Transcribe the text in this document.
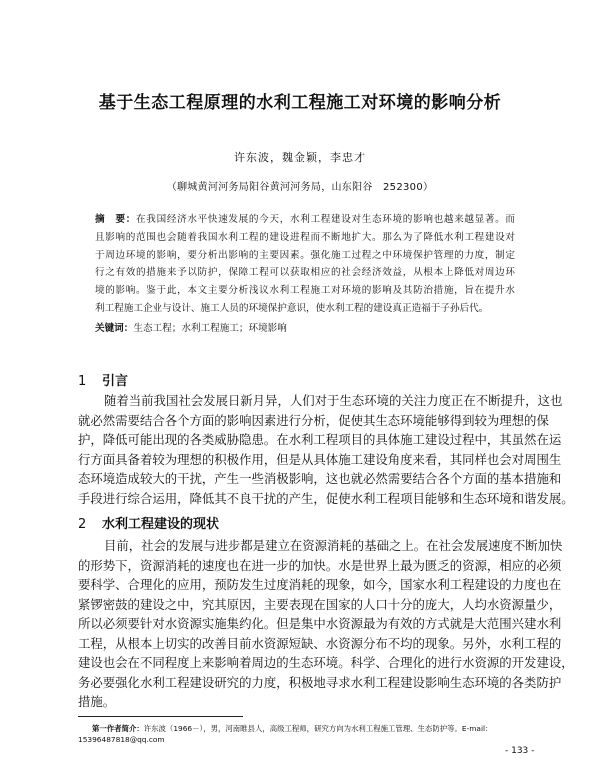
基于生态工程原理的水利工程施工对环境的影响分析
许东波，魏金颖，李忠才
（聊城黄河河务局阳谷黄河河务局，山东阳谷　252300）
摘　要：在我国经济水平快速发展的今天，水利工程建设对生态环境的影响也越来越显著。而
且影响的范围也会随着我国水利工程的建设进程而不断地扩大。那么为了降低水利工程建设对
于周边环境的影响，要分析出影响的主要因素。强化施工过程之中环境保护管理的力度，制定
行之有效的措施来予以防护，保障工程可以获取相应的社会经济效益，从根本上降低对周边环
境的影响。鉴于此，本文主要分析浅议水利工程施工对环境的影响及其防治措施，旨在提升水
利工程施工企业与设计、施工人员的环境保护意识，使水利工程的建设真正造福于子孙后代。
关键词：生态工程；水利工程施工；环境影响
1 引言
随着当前我国社会发展日新月异，人们对于生态环境的关注力度正在不断提升，这也
就必然需要结合各个方面的影响因素进行分析，促使其生态环境能够得到较为理想的保
护，降低可能出现的各类威胁隐患。在水利工程项目的具体施工建设过程中，其虽然在运
行方面具备着较为理想的积极作用，但是从具体施工建设角度来看，其同样也会对周围生
态环境造成较大的干扰，产生一些消极影响，这也就必然需要结合各个方面的基本措施和
手段进行综合运用，降低其不良干扰的产生，促使水利工程项目能够和生态环境和谐发展。
2 水利工程建设的现状
目前，社会的发展与进步都是建立在资源消耗的基础之上。在社会发展速度不断加快
的形势下，资源消耗的速度也在进一步的加快。水是世界上最为匮乏的资源，相应的必须
要科学、合理化的应用，预防发生过度消耗的现象，如今，国家水利工程建设的力度也在
紧锣密鼓的建设之中，究其原因，主要表现在国家的人口十分的庞大，人均水资源量少，
所以必须要针对水资源实施集约化。但是集中水资源最为有效的方式就是大范围兴建水利
工程，从根本上切实的改善目前水资源短缺、水资源分布不均的现象。另外，水利工程的
建设也会在不同程度上来影响着周边的生态环境。科学、合理化的进行水资源的开发建设，
务必要强化水利工程建设研究的力度，积极地寻求水利工程建设影响生态环境的各类防护
措施。
第一作者简介：许东波（1966－），男，河南睢县人，高级工程师，研究方向为水利工程施工管理、生态防护等。E-mail：
15396487818@qq.com
- 133 -
